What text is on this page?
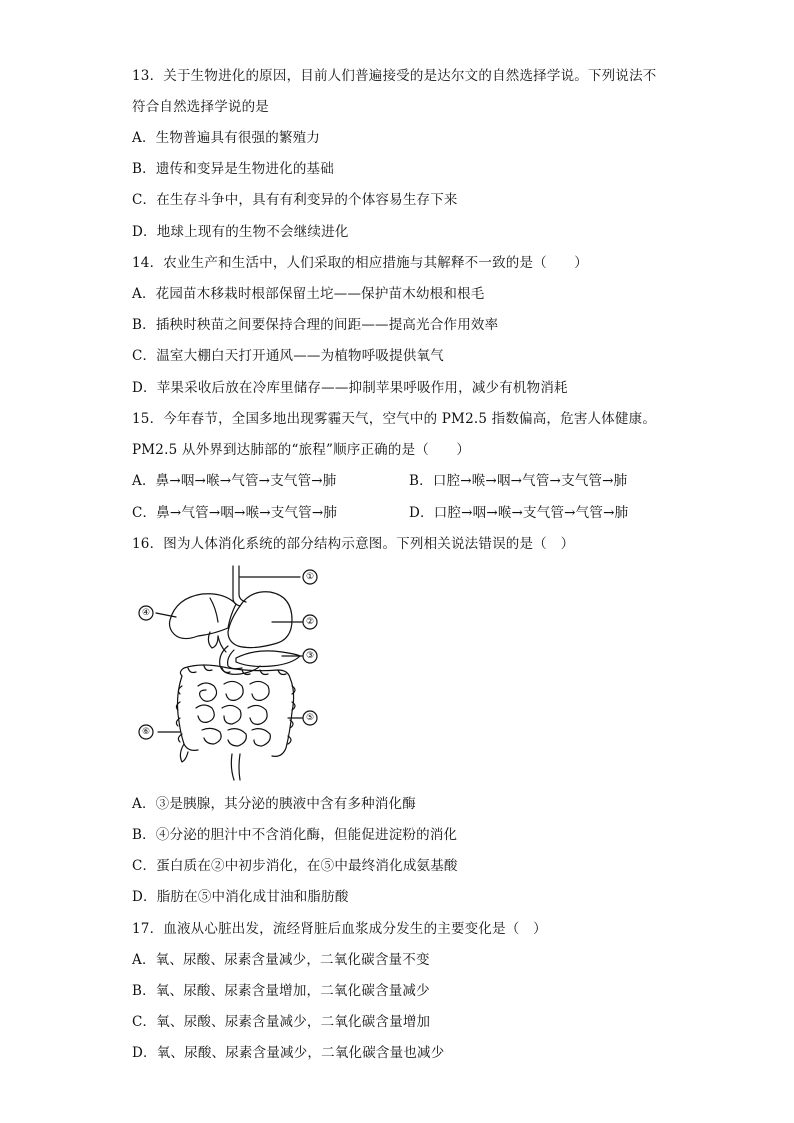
13．关于生物进化的原因，目前人们普遍接受的是达尔文的自然选择学说。下列说法不
符合自然选择学说的是
A．生物普遍具有很强的繁殖力
B．遗传和变异是生物进化的基础
C．在生存斗争中，具有有利变异的个体容易生存下来
D．地球上现有的生物不会继续进化
14．农业生产和生活中，人们采取的相应措施与其解释不一致的是（　　）
A．花园苗木移栽时根部保留土坨——保护苗木幼根和根毛
B．插秧时秧苗之间要保持合理的间距——提高光合作用效率
C．温室大棚白天打开通风——为植物呼吸提供氧气
D．苹果采收后放在冷库里储存——抑制苹果呼吸作用，减少有机物消耗
15．今年春节，全国多地出现雾霾天气，空气中的 PM2.5 指数偏高，危害人体健康。
PM2.5 从外界到达肺部的“旅程”顺序正确的是（　　）
A．鼻→咽→喉→气管→支气管→肺	B．口腔→喉→咽→气管→支气管→肺
C．鼻→气管→咽→喉→支气管→肺	D．口腔→咽→喉→支气管→气管→肺
16．图为人体消化系统的部分结构示意图。下列相关说法错误的是（　）
①
②
③
④
⑤
⑥
A．③是胰腺，其分泌的胰液中含有多种消化酶
B．④分泌的胆汁中不含消化酶，但能促进淀粉的消化
C．蛋白质在②中初步消化，在⑤中最终消化成氨基酸
D．脂肪在⑤中消化成甘油和脂肪酸
17．血液从心脏出发，流经肾脏后血浆成分发生的主要变化是（　）
A．氧、尿酸、尿素含量减少，二氧化碳含量不变
B．氧、尿酸、尿素含量增加，二氧化碳含量减少
C．氧、尿酸、尿素含量减少，二氧化碳含量增加
D．氧、尿酸、尿素含量减少，二氧化碳含量也减少
